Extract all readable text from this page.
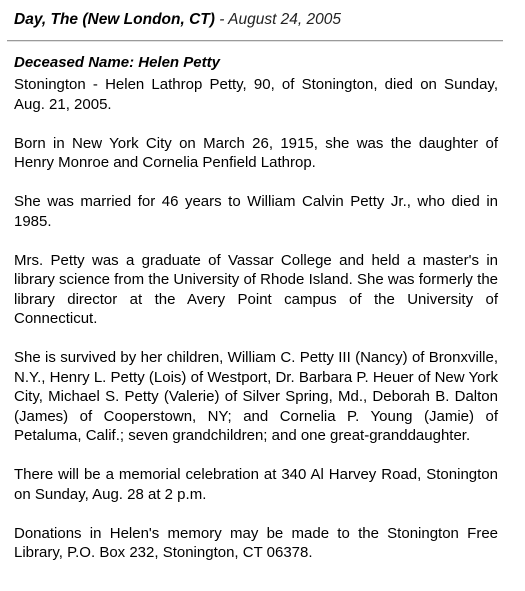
Day, The (New London, CT) - August 24, 2005
Deceased Name: Helen Petty

Stonington - Helen Lathrop Petty, 90, of Stonington, died on Sunday, Aug. 21, 2005.

Born in New York City on March 26, 1915, she was the daughter of Henry Monroe and Cornelia Penfield Lathrop.

She was married for 46 years to William Calvin Petty Jr., who died in 1985.

Mrs. Petty was a graduate of Vassar College and held a master's in library science from the University of Rhode Island. She was formerly the library director at the Avery Point campus of the University of Connecticut.

She is survived by her children, William C. Petty III (Nancy) of Bronxville, N.Y., Henry L. Petty (Lois) of Westport, Dr. Barbara P. Heuer of New York City, Michael S. Petty (Valerie) of Silver Spring, Md., Deborah B. Dalton (James) of Cooperstown, NY; and Cornelia P. Young (Jamie) of Petaluma, Calif.; seven grandchildren; and one great-granddaughter.

There will be a memorial celebration at 340 Al Harvey Road, Stonington on Sunday, Aug. 28 at 2 p.m.

Donations in Helen's memory may be made to the Stonington Free Library, P.O. Box 232, Stonington, CT 06378.
